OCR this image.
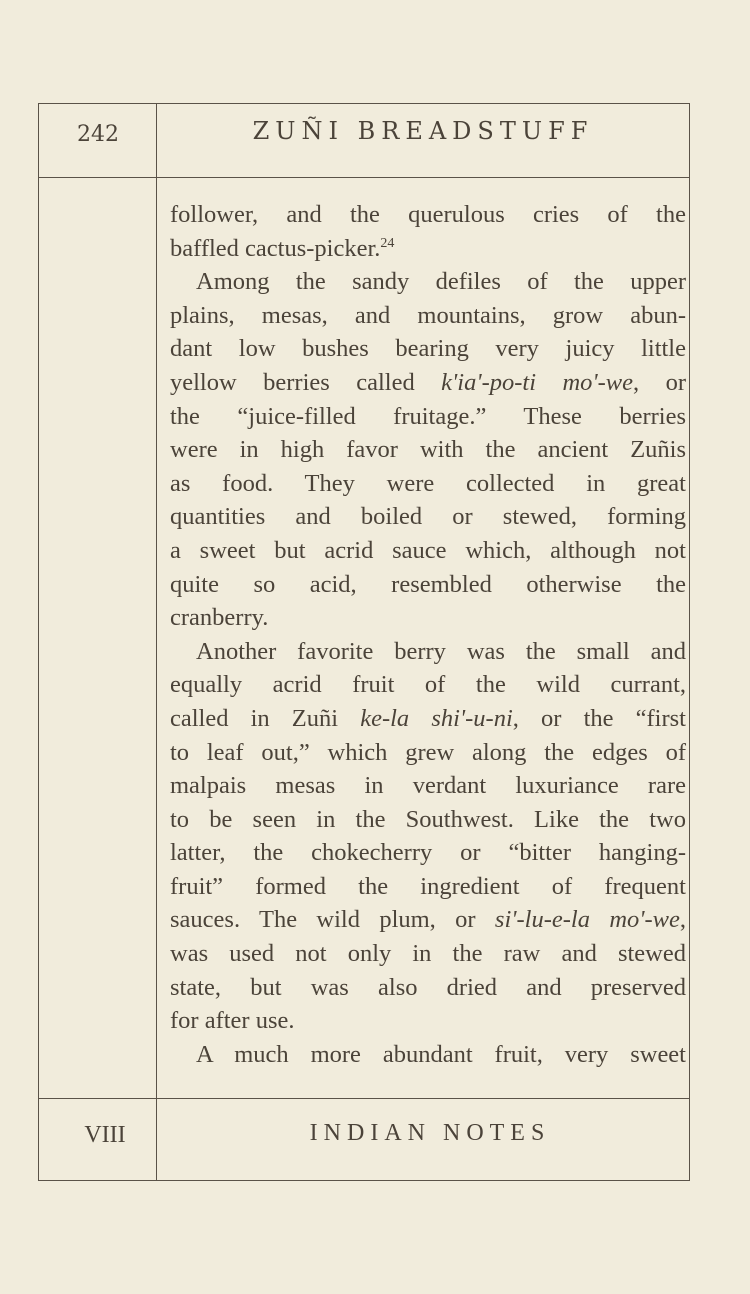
242	ZUÑI BREADSTUFF
follower, and the querulous cries of the
baffled cactus-picker.$^{24}$
Among the sandy defiles of the upper
plains, mesas, and mountains, grow abun-
dant low bushes bearing very juicy little
yellow berries called k'ia'-po-ti mo'-we, or
the “juice-filled fruitage.” These berries
were in high favor with the ancient Zuñis
as food. They were collected in great
quantities and boiled or stewed, forming
a sweet but acrid sauce which, although not
quite so acid, resembled otherwise the
cranberry.
Another favorite berry was the small and
equally acrid fruit of the wild currant,
called in Zuñi ke-la shi'-u-ni, or the “first
to leaf out,” which grew along the edges of
malpais mesas in verdant luxuriance rare
to be seen in the Southwest. Like the two
latter, the chokecherry or “bitter hanging-
fruit” formed the ingredient of frequent
sauces. The wild plum, or si'-lu-e-la mo'-we,
was used not only in the raw and stewed
state, but was also dried and preserved
for after use.
A much more abundant fruit, very sweet
VIII	INDIAN NOTES
